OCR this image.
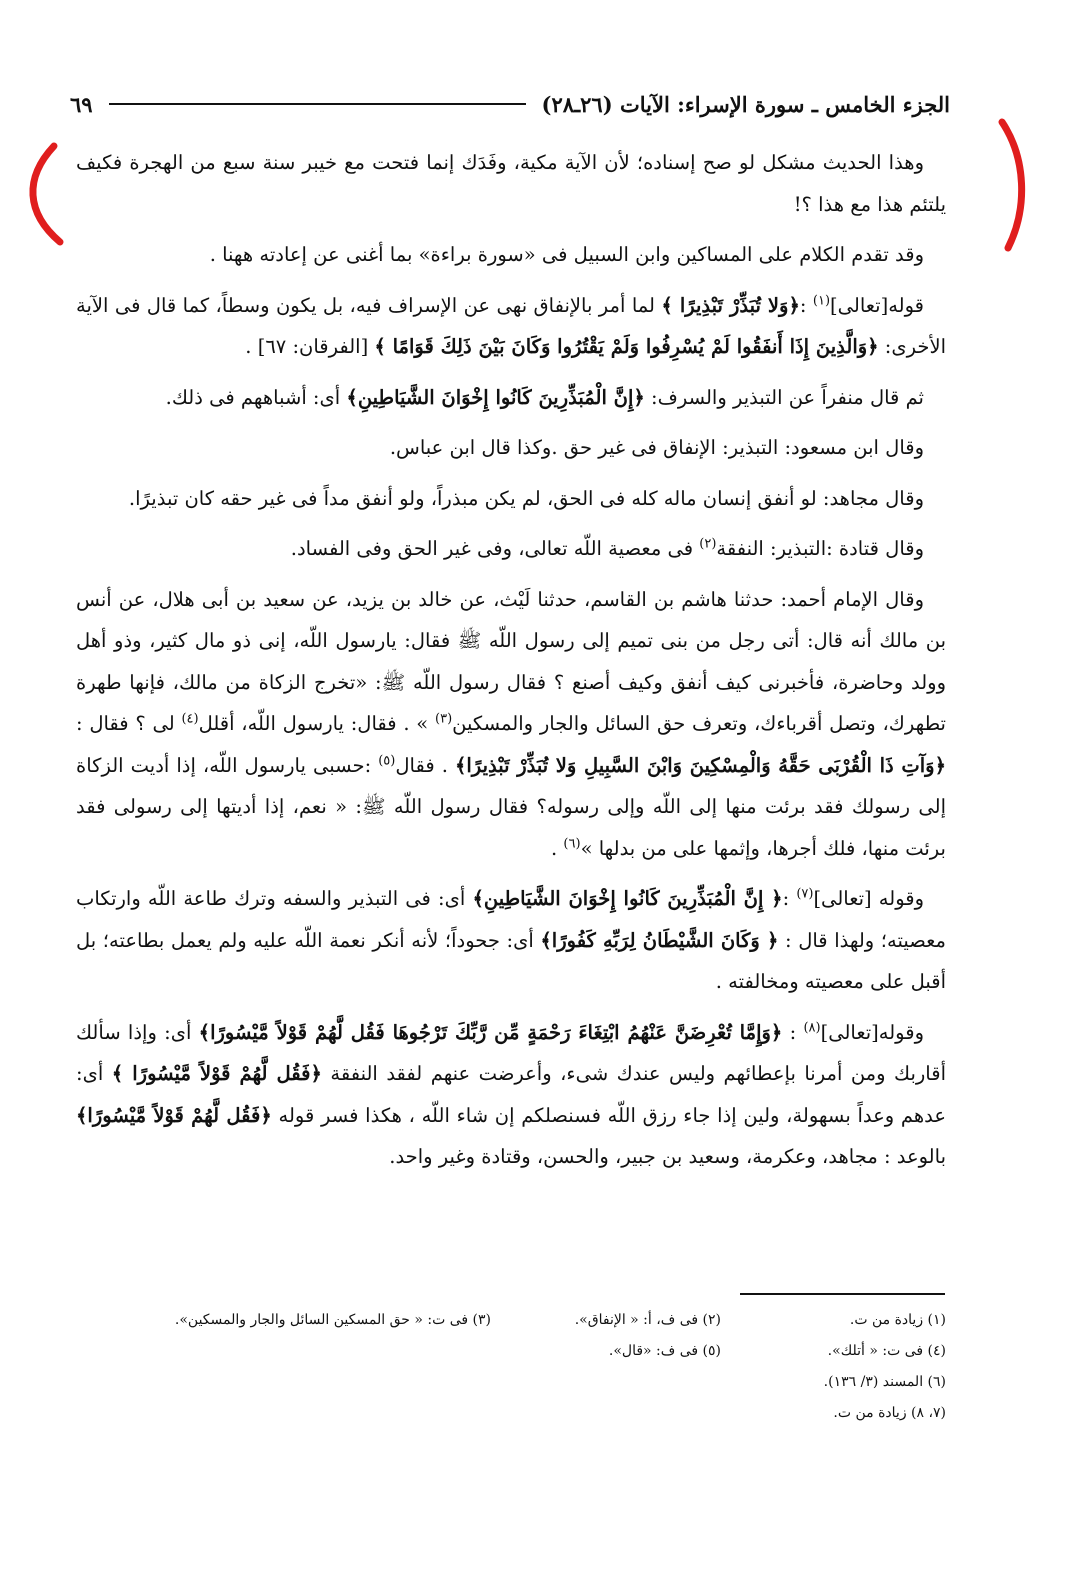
الجزء الخامس ـ سورة الإسراء: الآيات (٢٦ـ٢٨)
٦٩

وهذا الحديث مشكل لو صح إسناده؛ لأن الآية مكية، وفَدَك إنما فتحت مع خيبر سنة سبع من الهجرة فكيف يلتئم هذا مع هذا ؟!

وقد تقدم الكلام على المساكين وابن السبيل فى «سورة براءة» بما أغنى عن إعادته ههنا .

قوله[تعالى]$^{(١)}$ :﴿وَلا تُبَذِّرْ تَبْذِيرًا ﴾ لما أمر بالإنفاق نهى عن الإسراف فيه، بل يكون وسطاً، كما قال فى الآية الأخرى: ﴿وَالَّذِينَ إِذَا أَنفَقُوا لَمْ يُسْرِفُوا وَلَمْ يَقْتُرُوا وَكَانَ بَيْنَ ذَلِكَ قَوَامًا ﴾ [الفرقان: ٦٧] .

ثم قال منفراً عن التبذير والسرف: ﴿إِنَّ الْمُبَذِّرِينَ كَانُوا إِخْوَانَ الشَّيَاطِينِ﴾ أى: أشباههم فى ذلك.

وقال ابن مسعود: التبذير: الإنفاق فى غير حق .وكذا قال ابن عباس.

وقال مجاهد: لو أنفق إنسان ماله كله فى الحق، لم يكن مبذراً، ولو أنفق مداً فى غير حقه كان تبذيرًا.

وقال قتادة :التبذير: النفقة$^{(٢)}$ فى معصية اللّه تعالى، وفى غير الحق وفى الفساد.

وقال الإمام أحمد: حدثنا هاشم بن القاسم، حدثنا لَيْث، عن خالد بن يزيد، عن سعيد بن أبى هلال، عن أنس بن مالك أنه قال: أتى رجل من بنى تميم إلى رسول اللّه ﷺ فقال: يارسول اللّه، إنى ذو مال كثير، وذو أهل وولد وحاضرة، فأخبرنى كيف أنفق وكيف أصنع ؟ فقال رسول اللّه ﷺ: «تخرج الزكاة من مالك، فإنها طهرة تطهرك، وتصل أقرباءك، وتعرف حق السائل والجار والمسكين$^{(٣)}$ » . فقال: يارسول اللّه، أقلل$^{(٤)}$ لى ؟ فقال : ﴿وَآتِ ذَا الْقُرْبَى حَقَّهُ وَالْمِسْكِينَ وَابْنَ السَّبِيلِ وَلا تُبَذِّرْ تَبْذِيرًا﴾ . فقال$^{(٥)}$ :حسبى يارسول اللّه، إذا أديت الزكاة إلى رسولك فقد برئت منها إلى اللّه وإلى رسوله؟ فقال رسول اللّه ﷺ: « نعم، إذا أديتها إلى رسولى فقد برئت منها، فلك أجرها، وإثمها على من بدلها »$^{(٦)}$ .

وقوله [تعالى]$^{(٧)}$ :﴿ إِنَّ الْمُبَذِّرِينَ كَانُوا إِخْوَانَ الشَّيَاطِينِ﴾ أى: فى التبذير والسفه وترك طاعة اللّه وارتكاب معصيته؛ ولهذا قال : ﴿ وَكَانَ الشَّيْطَانُ لِرَبِّهِ كَفُورًا﴾ أى: جحوداً؛ لأنه أنكر نعمة اللّه عليه ولم يعمل بطاعته؛ بل أقبل على معصيته ومخالفته .

وقوله[تعالى]$^{(٨)}$ : ﴿وَإِمَّا تُعْرِضَنَّ عَنْهُمُ ابْتِغَاءَ رَحْمَةٍ مِّن رَّبِّكَ تَرْجُوهَا فَقُل لَّهُمْ قَوْلاً مَّيْسُورًا﴾ أى: وإذا سألك أقاربك ومن أمرنا بإعطائهم وليس عندك شىء، وأعرضت عنهم لفقد النفقة ﴿فَقُل لَّهُمْ قَوْلاً مَّيْسُورًا ﴾ أى: عدهم وعداً بسهولة، ولين إذا جاء رزق اللّه فسنصلكم إن شاء اللّه ، هكذا فسر قوله ﴿فَقُل لَّهُمْ قَوْلاً مَّيْسُورًا﴾ بالوعد : مجاهد، وعكرمة، وسعيد بن جبير، والحسن، وقتادة وغير واحد.

(١) زيادة من ت.
(٢) فى ف، أ: « الإنفاق».
(٣) فى ت: « حق المسكين السائل والجار والمسكين».
(٤) فى ت: « أتلك».
(٥) فى ف: «قال».
(٦) المسند (٣/ ١٣٦).
(٧، ٨) زيادة من ت.
